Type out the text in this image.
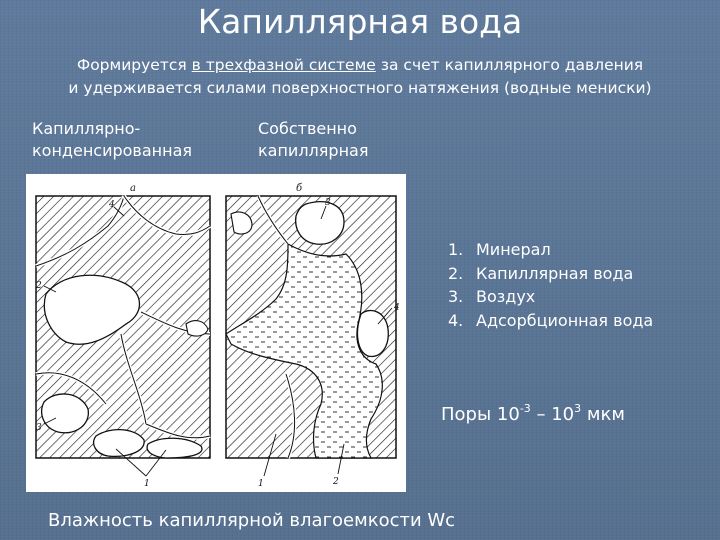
Капиллярная вода
Формируется в трехфазной системе за счет капиллярного давления
и удерживается силами поверхностного натяжения (водные мениски)
Капиллярно-
конденсированная
Собственно
капиллярная
а	б
4
2
3
1
3
4
1	2
1. Минерал
2. Капиллярная вода
3. Воздух
4. Адсорбционная вода
Поры $10^{-3} - 10^3$ мкм
Влажность капиллярной влагоемкости Wc
